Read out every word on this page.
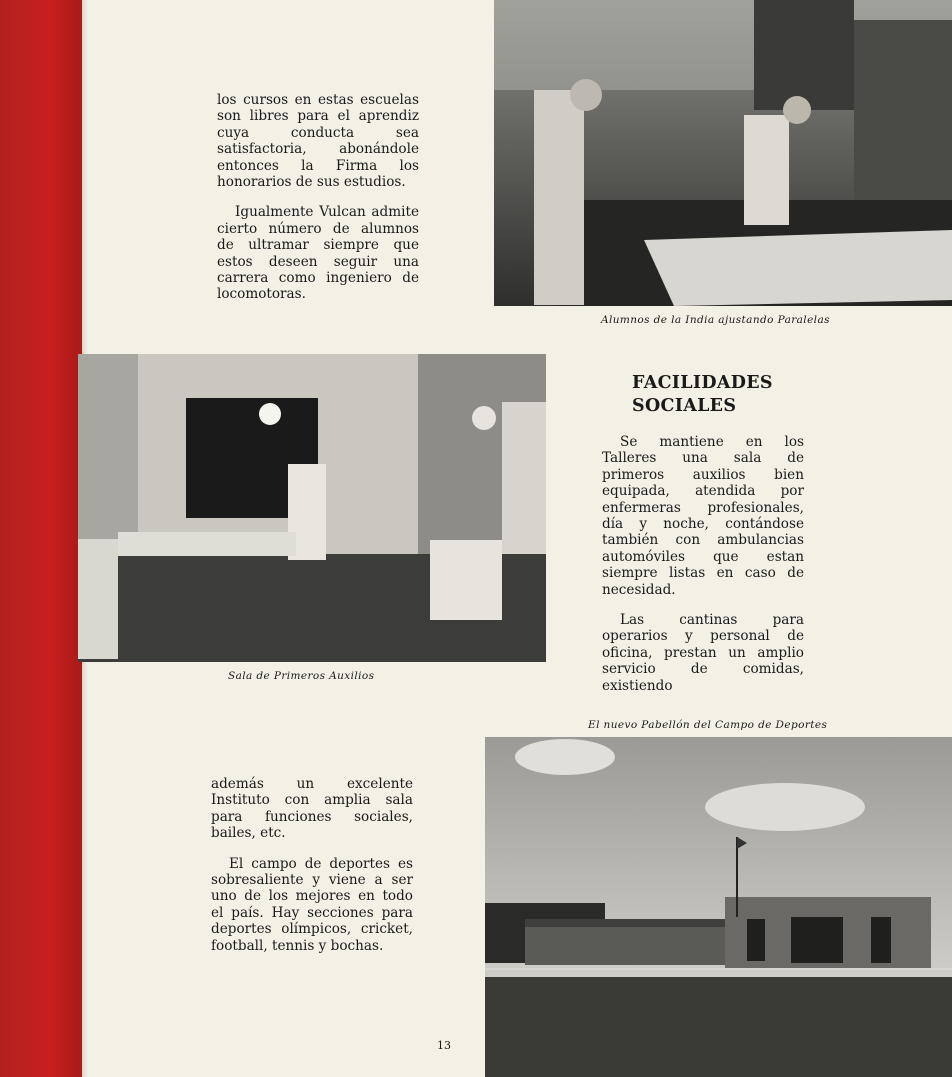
los cursos en estas escuelas son libres para el aprendiz cuya conducta sea satisfactoria, abonándole entonces la Firma los honorarios de sus estudios.

Igualmente Vulcan admite cierto número de alumnos de ultramar siempre que estos deseen seguir una carrera como ingeniero de locomotoras.

Alumnos de la India ajustando Paralelas
Sala de Primeros Auxilios
FACILIDADES
SOCIALES

Se mantiene en los Talleres una sala de primeros auxilios bien equipada, atendida por enfermeras profesionales, día y noche, contándose también con ambulancias automóviles que estan siempre listas en caso de necesidad.

Las cantinas para operarios y personal de oficina, prestan un amplio servicio de comidas, existiendo

El nuevo Pabellón del Campo de Deportes

además un excelente Instituto con amplia sala para funciones sociales, bailes, etc.

El campo de deportes es sobresaliente y viene a ser uno de los mejores en todo el país. Hay secciones para deportes olímpicos, cricket, football, tennis y bochas.

13
